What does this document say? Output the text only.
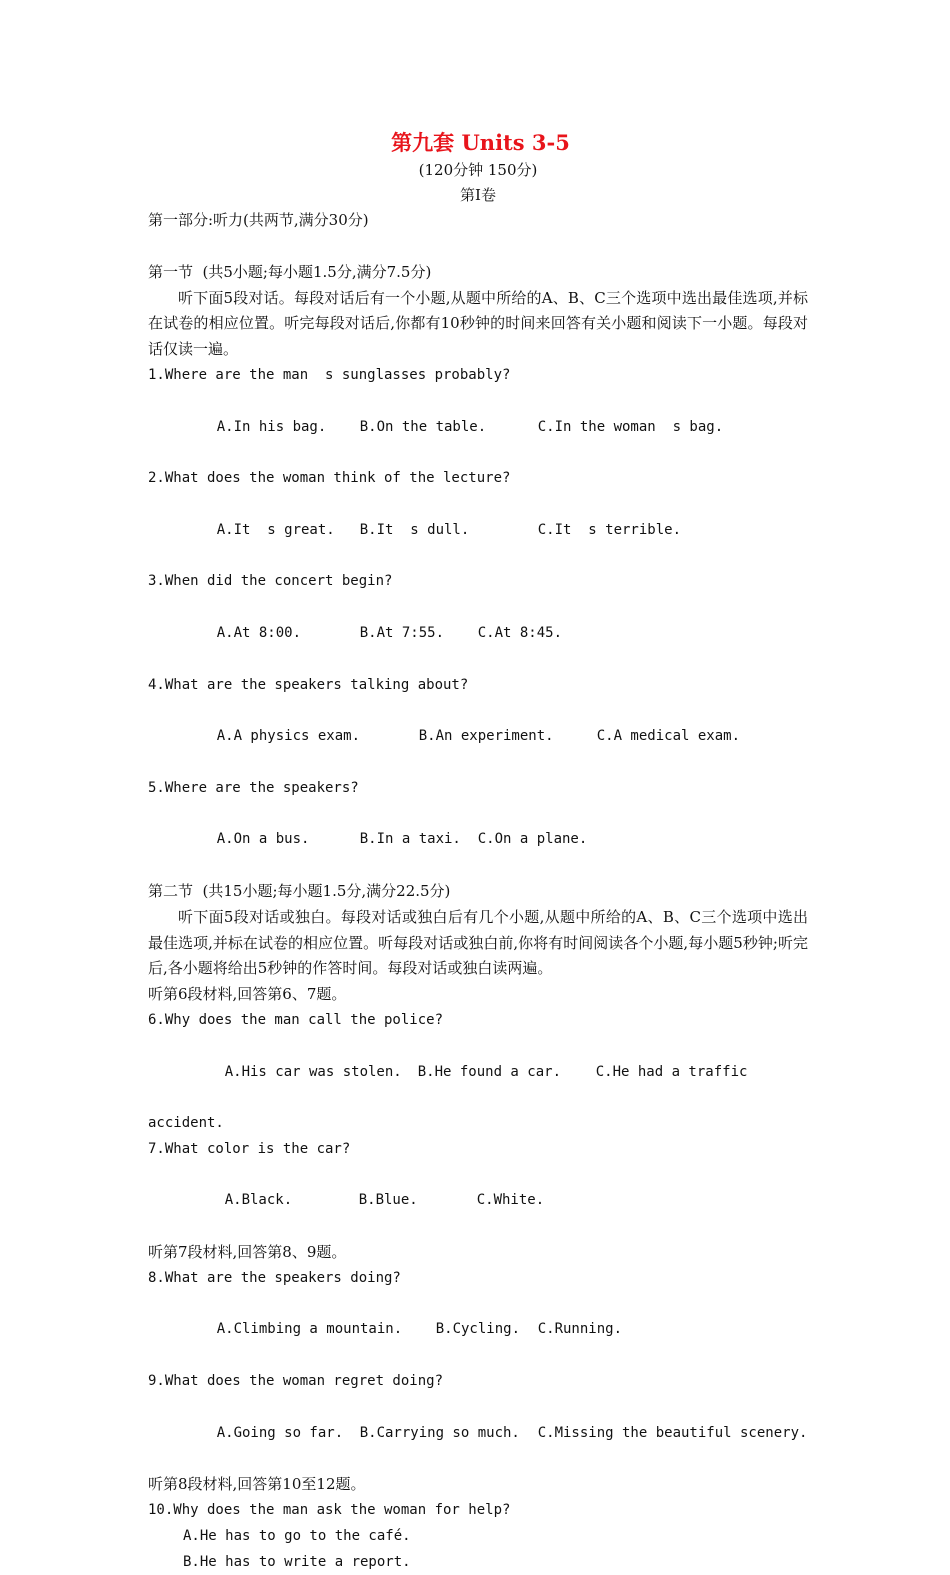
第九套 Units 3-5
(120分钟 150分)
第Ⅰ卷
第一部分:听力(共两节,满分30分)
第一节  (共5小题;每小题1.5分,满分7.5分)
听下面5段对话。每段对话后有一个小题,从题中所给的A、B、C三个选项中选出最佳选项,并标在试卷的相应位置。听完每段对话后,你都有10秒钟的时间来回答有关小题和阅读下一小题。每段对话仅读一遍。
1.Where are the man  s sunglasses probably?

A.In his bag. B.On the table.	C.In the woman  s bag.

2.What does the woman think of the lecture?

A.It  s great. B.It  s dull.	C.It  s terrible.

3.When did the concert begin?

A.At 8:00.	B.At 7:55. C.At 8:45.

4.What are the speakers talking about?

A.A physics exam.	B.An experiment.	C.A medical exam.

5.Where are the speakers?

A.On a bus.	B.In a taxi. C.On a plane.

第二节  (共15小题;每小题1.5分,满分22.5分)
听下面5段对话或独白。每段对话或独白后有几个小题,从题中所给的A、B、C三个选项中选出最佳选项,并标在试卷的相应位置。听每段对话或独白前,你将有时间阅读各个小题,每小题5秒钟;听完后,各小题将给出5秒钟的作答时间。每段对话或独白读两遍。
听第6段材料,回答第6、7题。
6.Why does the man call the police?

A.His car was stolen. B.He found a car. C.He had a traffic

accident.
7.What color is the car?

A.Black.	B.Blue.	C.White.

听第7段材料,回答第8、9题。
8.What are the speakers doing?

A.Climbing a mountain. B.Cycling. C.Running.

9.What does the woman regret doing?

A.Going so far. B.Carrying so much. C.Missing the beautiful scenery.

听第8段材料,回答第10至12题。
10.Why does the man ask the woman for help?
A.He has to go to the café.
B.He has to write a report.
